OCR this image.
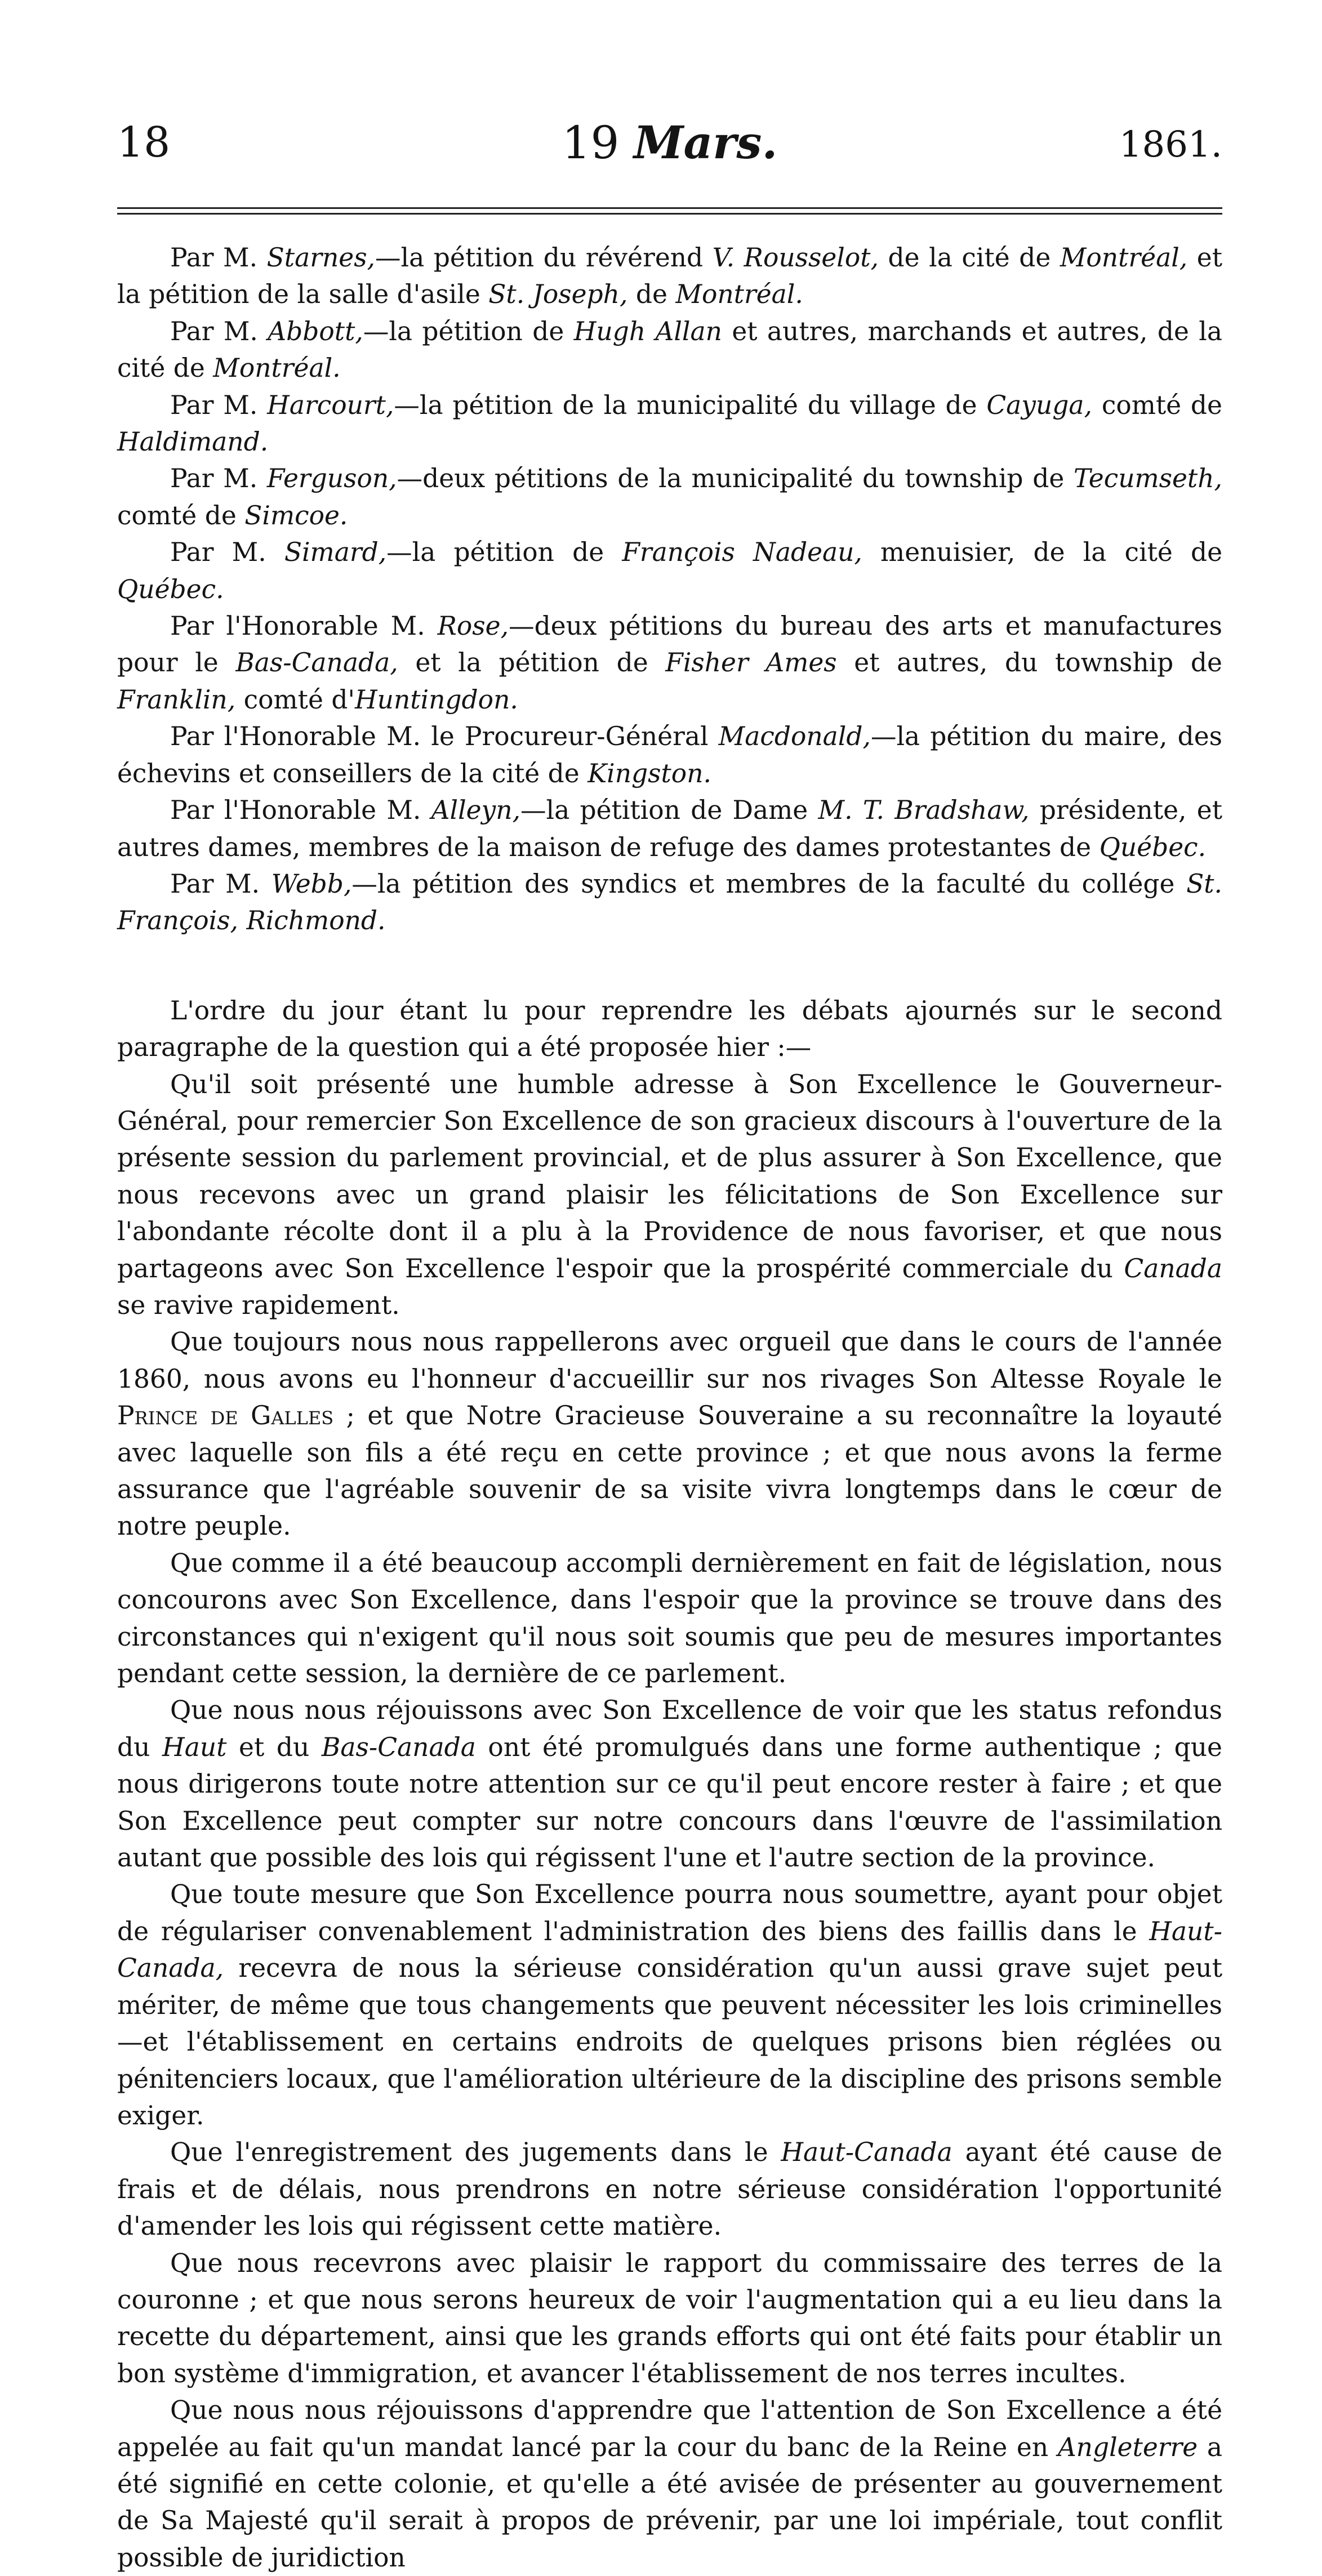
18	19 Mars.	1861.

Par M. Starnes,—la pétition du révérend V. Rousselot, de la cité de Montréal, et la pétition de la salle d'asile St. Joseph, de Montréal.

Par M. Abbott,—la pétition de Hugh Allan et autres, marchands et autres, de la cité de Montréal.

Par M. Harcourt,—la pétition de la municipalité du village de Cayuga, comté de Haldimand.

Par M. Ferguson,—deux pétitions de la municipalité du township de Tecumseth, comté de Simcoe.

Par M. Simard,—la pétition de François Nadeau, menuisier, de la cité de Québec.

Par l'Honorable M. Rose,—deux pétitions du bureau des arts et manufactures pour le Bas-Canada, et la pétition de Fisher Ames et autres, du township de Franklin, comté d'Huntingdon.

Par l'Honorable M. le Procureur-Général Macdonald,—la pétition du maire, des échevins et conseillers de la cité de Kingston.

Par l'Honorable M. Alleyn,—la pétition de Dame M. T. Bradshaw, présidente, et autres dames, membres de la maison de refuge des dames protestantes de Québec.

Par M. Webb,—la pétition des syndics et membres de la faculté du collége St. François, Richmond.

L'ordre du jour étant lu pour reprendre les débats ajournés sur le second paragraphe de la question qui a été proposée hier :—

Qu'il soit présenté une humble adresse à Son Excellence le Gouverneur-Général, pour remercier Son Excellence de son gracieux discours à l'ouverture de la présente session du parlement provincial, et de plus assurer à Son Excellence, que nous recevons avec un grand plaisir les félicitations de Son Excellence sur l'abondante récolte dont il a plu à la Providence de nous favoriser, et que nous partageons avec Son Excellence l'espoir que la prospérité commerciale du Canada se ravive rapidement.

Que toujours nous nous rappellerons avec orgueil que dans le cours de l'année 1860, nous avons eu l'honneur d'accueillir sur nos rivages Son Altesse Royale le Prince de Galles ; et que Notre Gracieuse Souveraine a su reconnaître la loyauté avec laquelle son fils a été reçu en cette province ; et que nous avons la ferme assurance que l'agréable souvenir de sa visite vivra longtemps dans le cœur de notre peuple.

Que comme il a été beaucoup accompli dernièrement en fait de législation, nous concourons avec Son Excellence, dans l'espoir que la province se trouve dans des circonstances qui n'exigent qu'il nous soit soumis que peu de mesures importantes pendant cette session, la dernière de ce parlement.

Que nous nous réjouissons avec Son Excellence de voir que les status refondus du Haut et du Bas-Canada ont été promulgués dans une forme authentique ; que nous dirigerons toute notre attention sur ce qu'il peut encore rester à faire ; et que Son Excellence peut compter sur notre concours dans l'œuvre de l'assimilation autant que possible des lois qui régissent l'une et l'autre section de la province.

Que toute mesure que Son Excellence pourra nous soumettre, ayant pour objet de régulariser convenablement l'administration des biens des faillis dans le Haut-Canada, recevra de nous la sérieuse considération qu'un aussi grave sujet peut mériter, de même que tous changements que peuvent nécessiter les lois criminelles—et l'établissement en certains endroits de quelques prisons bien réglées ou pénitenciers locaux, que l'amélioration ultérieure de la discipline des prisons semble exiger.

Que l'enregistrement des jugements dans le Haut-Canada ayant été cause de frais et de délais, nous prendrons en notre sérieuse considération l'opportunité d'amender les lois qui régissent cette matière.

Que nous recevrons avec plaisir le rapport du commissaire des terres de la couronne ; et que nous serons heureux de voir l'augmentation qui a eu lieu dans la recette du département, ainsi que les grands efforts qui ont été faits pour établir un bon système d'immigration, et avancer l'établissement de nos terres incultes.

Que nous nous réjouissons d'apprendre que l'attention de Son Excellence a été appelée au fait qu'un mandat lancé par la cour du banc de la Reine en Angleterre a été signifié en cette colonie, et qu'elle a été avisée de présenter au gouvernement de Sa Majesté qu'il serait à propos de prévenir, par une loi impériale, tout conflit possible de juridiction
